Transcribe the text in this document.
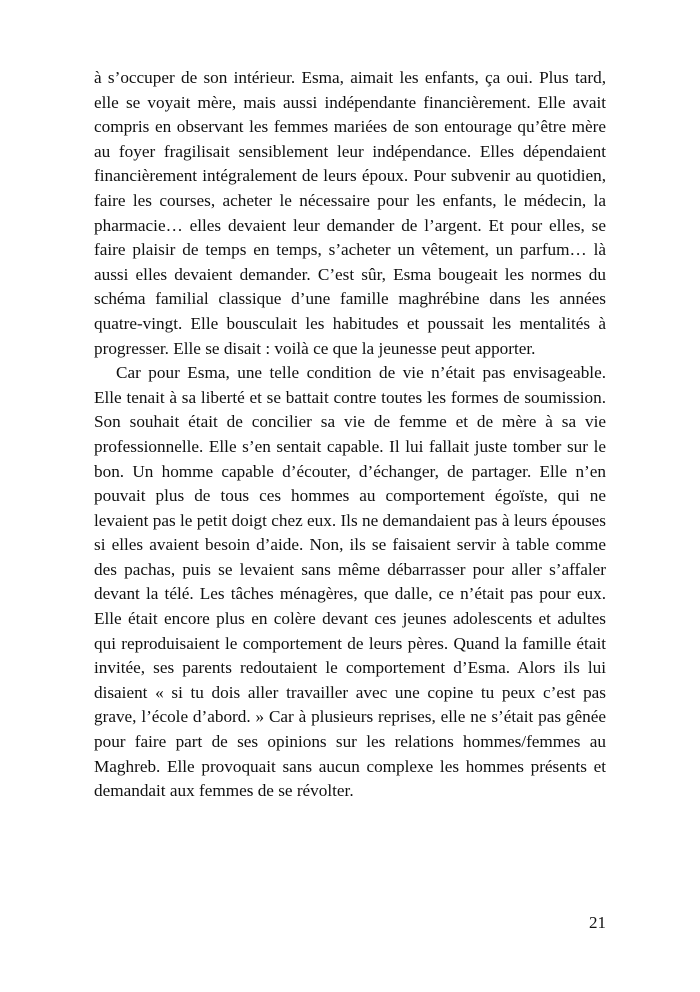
à s’occuper de son intérieur. Esma, aimait les enfants, ça oui. Plus tard, elle se voyait mère, mais aussi indépendante financièrement. Elle avait compris en observant les femmes mariées de son entourage qu’être mère au foyer fragilisait sensiblement leur indépendance. Elles dépendaient financièrement intégralement de leurs époux. Pour subvenir au quotidien, faire les courses, acheter le nécessaire pour les enfants, le médecin, la pharmacie… elles devaient leur demander de l’argent. Et pour elles, se faire plaisir de temps en temps, s’acheter un vêtement, un parfum… là aussi elles devaient demander. C’est sûr, Esma bougeait les normes du schéma familial classique d’une famille maghrébine dans les années quatre-vingt. Elle bousculait les habitudes et poussait les mentalités à progresser. Elle se disait : voilà ce que la jeunesse peut apporter.

Car pour Esma, une telle condition de vie n’était pas envisageable. Elle tenait à sa liberté et se battait contre toutes les formes de soumission. Son souhait était de concilier sa vie de femme et de mère à sa vie professionnelle. Elle s’en sentait capable. Il lui fallait juste tomber sur le bon. Un homme capable d’écouter, d’échanger, de partager. Elle n’en pouvait plus de tous ces hommes au comportement égoïste, qui ne levaient pas le petit doigt chez eux. Ils ne demandaient pas à leurs épouses si elles avaient besoin d’aide. Non, ils se faisaient servir à table comme des pachas, puis se levaient sans même débarrasser pour aller s’affaler devant la télé. Les tâches ménagères, que dalle, ce n’était pas pour eux. Elle était encore plus en colère devant ces jeunes adolescents et adultes qui reproduisaient le comportement de leurs pères. Quand la famille était invitée, ses parents redoutaient le comportement d’Esma. Alors ils lui disaient « si tu dois aller travailler avec une copine tu peux c’est pas grave, l’école d’abord. » Car à plusieurs reprises, elle ne s’était pas gênée pour faire part de ses opinions sur les relations hommes/femmes au Maghreb. Elle provoquait sans aucun complexe les hommes présents et demandait aux femmes de se révolter.

21
